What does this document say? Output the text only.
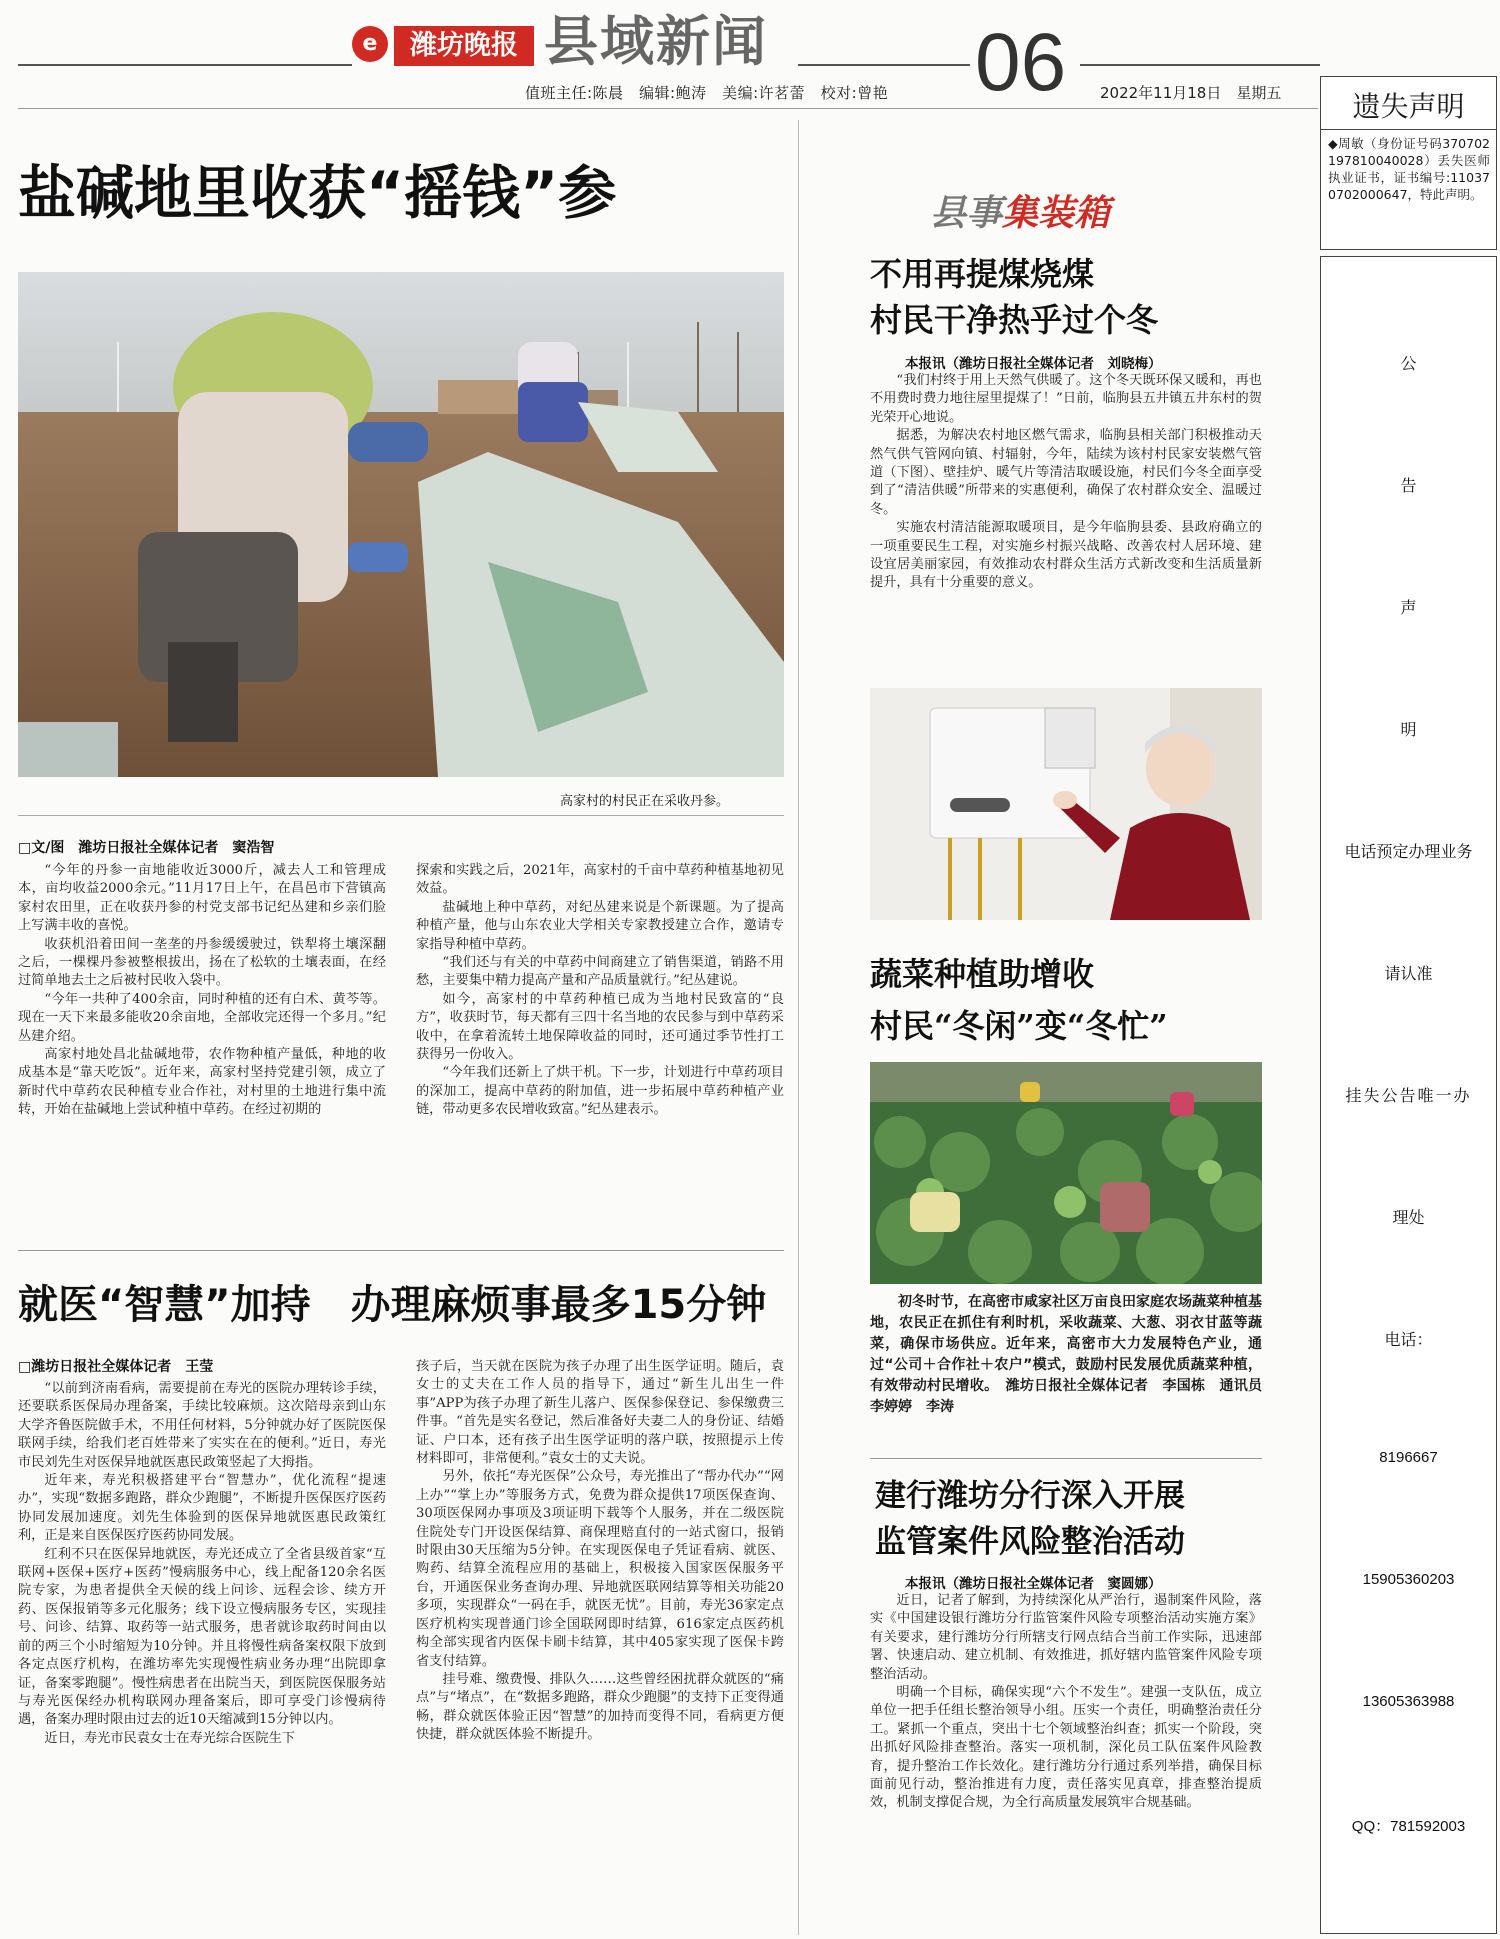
e	潍坊晚报 县域新闻	06
值班主任:陈晨　编辑:鲍涛　美编:许茗蕾　校对:曾艳	2022年11月18日　星期五
盐碱地里收获“摇钱”参
高家村的村民正在采收丹参。
□文/图　潍坊日报社全媒体记者　窦浩智

“今年的丹参一亩地能收近3000斤，减去人工和管理成本，亩均收益2000余元。”11月17日上午，在昌邑市下营镇高家村农田里，正在收获丹参的村党支部书记纪丛建和乡亲们脸上写满丰收的喜悦。

收获机沿着田间一垄垄的丹参缓缓驶过，铁犁将土壤深翻之后，一棵棵丹参被整根拔出，扬在了松软的土壤表面，在经过简单地去土之后被村民收入袋中。

“今年一共种了400余亩，同时种植的还有白术、黄芩等。现在一天下来最多能收20余亩地，全部收完还得一个多月。”纪丛建介绍。

高家村地处昌北盐碱地带，农作物种植产量低，种地的收成基本是“靠天吃饭”。近年来，高家村坚持党建引领，成立了新时代中草药农民种植专业合作社，对村里的土地进行集中流转，开始在盐碱地上尝试种植中草药。在经过初期的

探索和实践之后，2021年，高家村的千亩中草药种植基地初见效益。

盐碱地上种中草药，对纪丛建来说是个新课题。为了提高种植产量，他与山东农业大学相关专家教授建立合作，邀请专家指导种植中草药。

“我们还与有关的中草药中间商建立了销售渠道，销路不用愁，主要集中精力提高产量和产品质量就行。”纪丛建说。

如今，高家村的中草药种植已成为当地村民致富的“良方”，收获时节，每天都有三四十名当地的农民参与到中草药采收中，在拿着流转土地保障收益的同时，还可通过季节性打工获得另一份收入。

“今年我们还新上了烘干机。下一步，计划进行中草药项目的深加工，提高中草药的附加值，进一步拓展中草药种植产业链，带动更多农民增收致富。”纪丛建表示。

就医“智慧”加持　办理麻烦事最多15分钟
□潍坊日报社全媒体记者　王莹

“以前到济南看病，需要提前在寿光的医院办理转诊手续，还要联系医保局办理备案，手续比较麻烦。这次陪母亲到山东大学齐鲁医院做手术，不用任何材料，5分钟就办好了医院医保联网手续，给我们老百姓带来了实实在在的便利。”近日，寿光市民刘先生对医保异地就医惠民政策竖起了大拇指。

近年来，寿光积极搭建平台“智慧办”，优化流程“提速办”，实现“数据多跑路，群众少跑腿”，不断提升医保医疗医药协同发展加速度。刘先生体验到的医保异地就医惠民政策红利，正是来自医保医疗医药协同发展。

红利不只在医保异地就医，寿光还成立了全省县级首家“互联网+医保+医疗+医药”慢病服务中心，线上配备120余名医院专家，为患者提供全天候的线上问诊、远程会诊、续方开药、医保报销等多元化服务；线下设立慢病服务专区，实现挂号、问诊、结算、取药等一站式服务，患者就诊取药时间由以前的两三个小时缩短为10分钟。并且将慢性病备案权限下放到各定点医疗机构，在潍坊率先实现慢性病业务办理“出院即拿证，备案零跑腿”。慢性病患者在出院当天，到医院医保服务站与寿光医保经办机构联网办理备案后，即可享受门诊慢病待遇，备案办理时限由过去的近10天缩减到15分钟以内。

近日，寿光市民袁女士在寿光综合医院生下

孩子后，当天就在医院为孩子办理了出生医学证明。随后，袁女士的丈夫在工作人员的指导下，通过“新生儿出生一件事”APP为孩子办理了新生儿落户、医保参保登记、参保缴费三件事。“首先是实名登记，然后准备好夫妻二人的身份证、结婚证、户口本，还有孩子出生医学证明的落户联，按照提示上传材料即可，非常便利。”袁女士的丈夫说。

另外，依托“寿光医保”公众号，寿光推出了“帮办代办”“网上办”“掌上办”等服务方式，免费为群众提供17项医保查询、30项医保网办事项及3项证明下载等个人服务，并在二级医院住院处专门开设医保结算、商保理赔直付的一站式窗口，报销时限由30天压缩为5分钟。在实现医保电子凭证看病、就医、购药、结算全流程应用的基础上，积极接入国家医保服务平台，开通医保业务查询办理、异地就医联网结算等相关功能20多项，实现群众“一码在手，就医无忧”。目前，寿光36家定点医疗机构实现普通门诊全国联网即时结算，616家定点医药机构全部实现省内医保卡刷卡结算，其中405家实现了医保卡跨省支付结算。

挂号难、缴费慢、排队久……这些曾经困扰群众就医的“痛点”与“堵点”，在“数据多跑路，群众少跑腿”的支持下正变得通畅，群众就医体验正因“智慧”的加持而变得不同，看病更方便快捷，群众就医体验不断提升。

县事集装箱
不用再提煤烧煤
村民干净热乎过个冬
本报讯（潍坊日报社全媒体记者　刘晓梅）

“我们村终于用上天然气供暖了。这个冬天既环保又暖和，再也不用费时费力地往屋里提煤了！”日前，临朐县五井镇五井东村的贺光荣开心地说。

据悉，为解决农村地区燃气需求，临朐县相关部门积极推动天然气供气管网向镇、村辐射，今年，陆续为该村村民家安装燃气管道（下图）、壁挂炉、暖气片等清洁取暖设施，村民们今冬全面享受到了“清洁供暖”所带来的实惠便利，确保了农村群众安全、温暖过冬。

实施农村清洁能源取暖项目，是今年临朐县委、县政府确立的一项重要民生工程，对实施乡村振兴战略、改善农村人居环境、建设宜居美丽家园，有效推动农村群众生活方式新改变和生活质量新提升，具有十分重要的意义。

蔬菜种植助增收
村民“冬闲”变“冬忙”
初冬时节，在高密市咸家社区万亩良田家庭农场蔬菜种植基地，农民正在抓住有利时机，采收蔬菜、大葱、羽衣甘蓝等蔬菜，确保市场供应。近年来，高密市大力发展特色产业，通过“公司＋合作社＋农户”模式，鼓励村民发展优质蔬菜种植，有效带动村民增收。　潍坊日报社全媒体记者　李国栋　通讯员　李婷婷　李涛
建行潍坊分行深入开展
监管案件风险整治活动
本报讯（潍坊日报社全媒体记者　窦圆娜）

近日，记者了解到，为持续深化从严治行，遏制案件风险，落实《中国建设银行潍坊分行监管案件风险专项整治活动实施方案》有关要求，建行潍坊分行所辖支行网点结合当前工作实际，迅速部署、快速启动、建立机制、有效推进，抓好辖内监管案件风险专项整治活动。

明确一个目标，确保实现“六个不发生”。建强一支队伍，成立单位一把手任组长整治领导小组。压实一个责任，明确整治责任分工。紧抓一个重点，突出十七个领域整治纠查；抓实一个阶段，突出抓好风险排查整治。落实一项机制，深化员工队伍案件风险教育，提升整治工作长效化。建行潍坊分行通过系列举措，确保目标面前见行动，整治推进有力度，责任落实见真章，排查整治提质效，机制支撑促合规，为全行高质量发展筑牢合规基础。

遗失声明
◆周敏（身份证号码370702197810040028）丢失医师执业证书，证书编号:110370702000647，特此声明。
公
告
声
明
电话预定办理业务
请认准
挂失公告唯一办
理处
电话：
8196667
15905360203
13605363988
QQ：781592003
